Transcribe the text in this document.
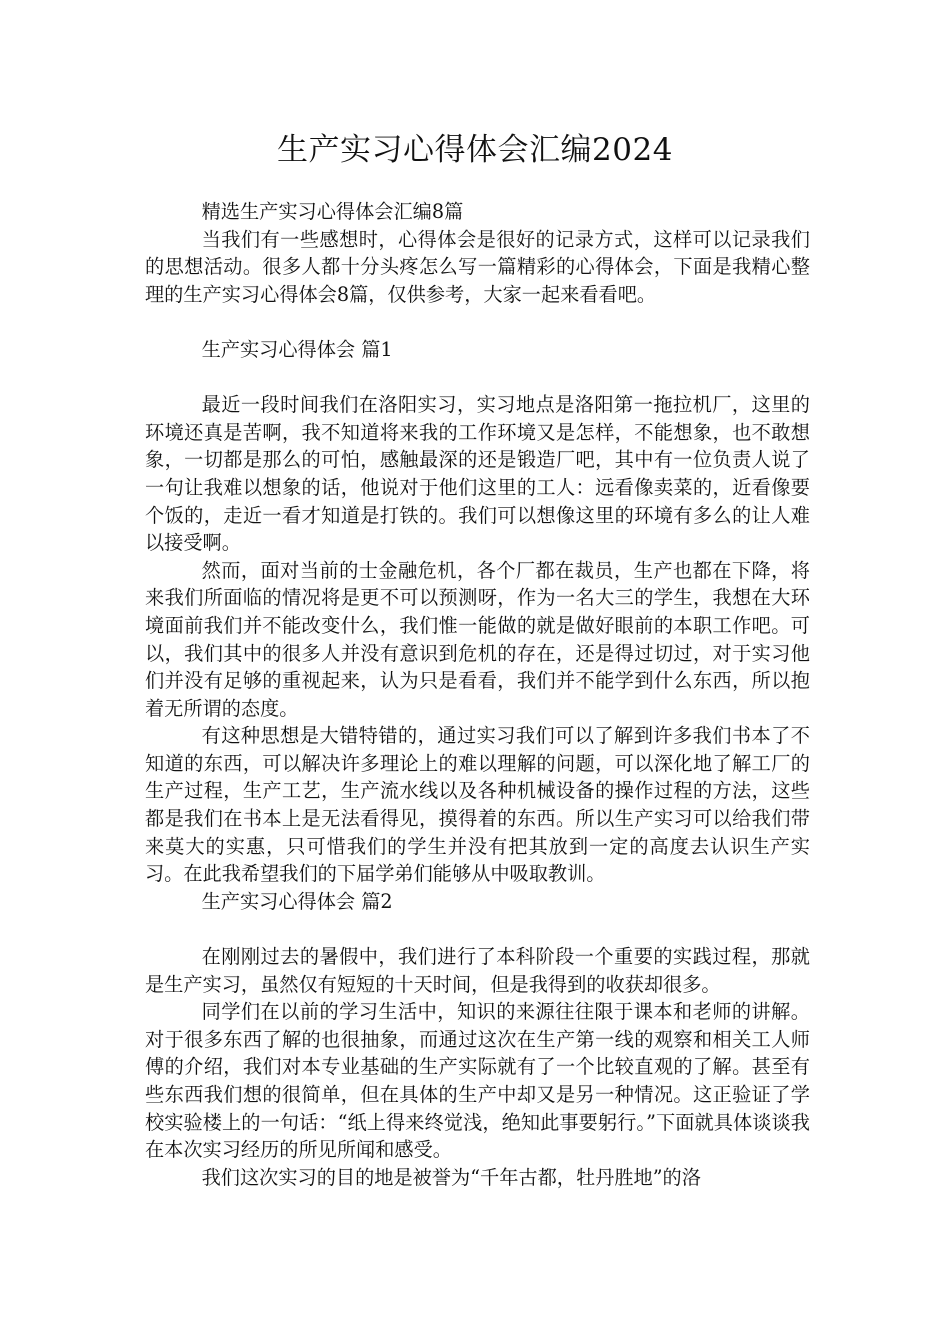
生产实习心得体会汇编2024

精选生产实习心得体会汇编8篇

当我们有一些感想时，心得体会是很好的记录方式，这样可以记录我们的思想活动。很多人都十分头疼怎么写一篇精彩的心得体会，下面是我精心整理的生产实习心得体会8篇，仅供参考，大家一起来看看吧。

生产实习心得体会 篇1

最近一段时间我们在洛阳实习，实习地点是洛阳第一拖拉机厂，这里的环境还真是苦啊，我不知道将来我的工作环境又是怎样，不能想象，也不敢想象，一切都是那么的可怕，感触最深的还是锻造厂吧，其中有一位负责人说了一句让我难以想象的话，他说对于他们这里的工人：远看像卖菜的，近看像要个饭的，走近一看才知道是打铁的。我们可以想像这里的环境有多么的让人难以接受啊。

然而，面对当前的士金融危机，各个厂都在裁员，生产也都在下降，将来我们所面临的情况将是更不可以预测呀，作为一名大三的学生，我想在大环境面前我们并不能改变什么，我们惟一能做的就是做好眼前的本职工作吧。可以，我们其中的很多人并没有意识到危机的存在，还是得过切过，对于实习他们并没有足够的重视起来，认为只是看看，我们并不能学到什么东西，所以抱着无所谓的态度。

有这种思想是大错特错的，通过实习我们可以了解到许多我们书本了不知道的东西，可以解决许多理论上的难以理解的问题，可以深化地了解工厂的生产过程，生产工艺，生产流水线以及各种机械设备的操作过程的方法，这些都是我们在书本上是无法看得见，摸得着的东西。所以生产实习可以给我们带来莫大的实惠，只可惜我们的学生并没有把其放到一定的高度去认识生产实习。在此我希望我们的下届学弟们能够从中吸取教训。

生产实习心得体会 篇2

在刚刚过去的暑假中，我们进行了本科阶段一个重要的实践过程，那就是生产实习，虽然仅有短短的十天时间，但是我得到的收获却很多。

同学们在以前的学习生活中，知识的来源往往限于课本和老师的讲解。对于很多东西了解的也很抽象，而通过这次在生产第一线的观察和相关工人师傅的介绍，我们对本专业基础的生产实际就有了一个比较直观的了解。甚至有些东西我们想的很简单，但在具体的生产中却又是另一种情况。这正验证了学校实验楼上的一句话：“纸上得来终觉浅，绝知此事要躬行。”下面就具体谈谈我在本次实习经历的所见所闻和感受。

我们这次实习的目的地是被誉为“千年古都，牡丹胜地”的洛
